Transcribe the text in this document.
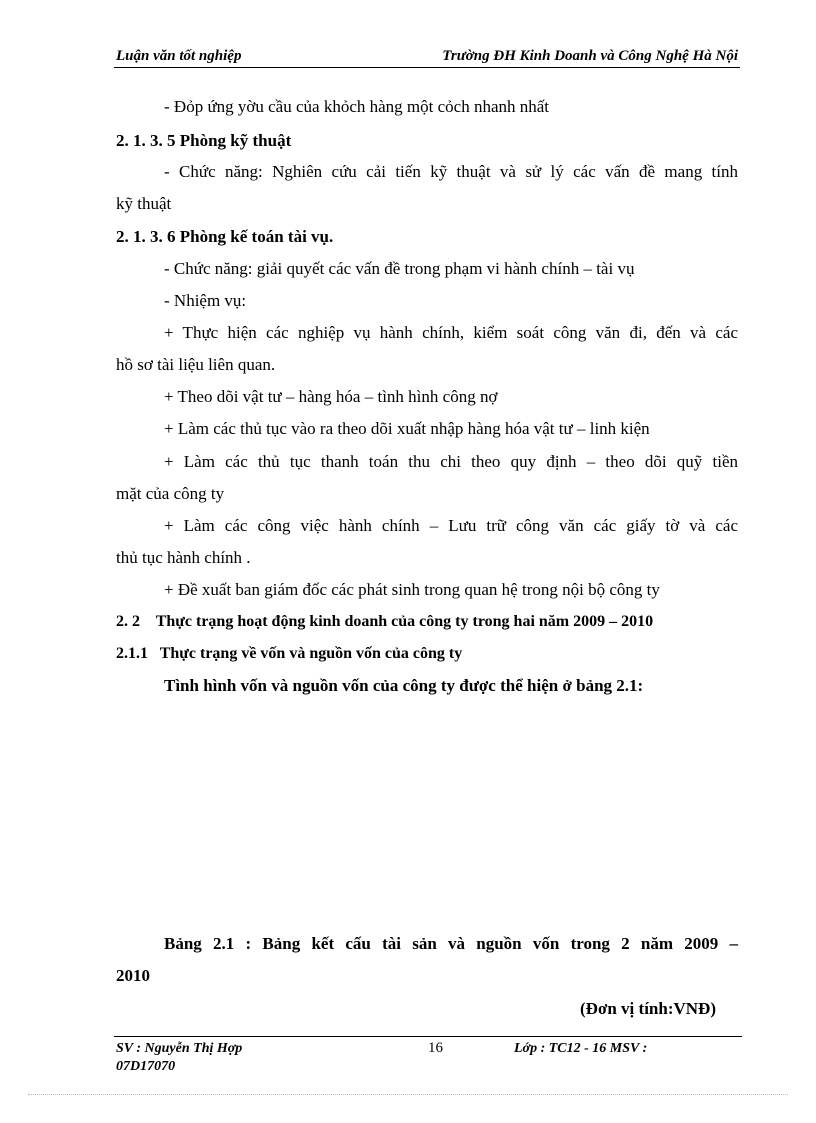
Luận văn tốt nghiệp	Trường ĐH Kinh Doanh và Công Nghệ Hà Nội
- Đỏp ứng yờu cầu của khỏch hàng một cỏch nhanh nhất
2. 1. 3. 5 Phòng kỹ thuật
- Chức năng: Nghiên cứu cải tiến kỹ thuật và sử lý các vấn đề mang tính
kỹ thuật
2. 1. 3. 6 Phòng kế toán tài vụ.
- Chức năng: giải quyết các vấn đề trong phạm vi hành chính – tài vụ
- Nhiệm vụ:
+ Thực hiện các nghiệp vụ hành chính, kiểm soát công văn đi, đến và các
hồ sơ tài liệu liên quan.
+ Theo dõi vật tư – hàng hóa – tình hình công nợ
+ Làm các thủ tục vào ra theo dõi xuất nhập hàng hóa vật tư – linh kiện
+ Làm các thủ tục thanh toán thu chi theo quy định – theo dõi quỹ tiền
mặt của công ty
+ Làm các công việc hành chính – Lưu trữ công văn các giấy tờ và các
thủ tục hành chính .
+ Đề xuất ban giám đốc các phát sinh trong quan hệ trong nội bộ công ty
2. 2    Thực trạng hoạt động kinh doanh của công ty trong hai năm 2009 – 2010
2.1.1   Thực trạng về vốn và nguồn vốn của công ty
Tình hình vốn và nguồn vốn của công ty được thể hiện ở bảng 2.1:
Bảng 2.1 : Bảng kết cấu tài sản và nguồn vốn trong 2 năm 2009 –
2010
(Đơn vị tính:VNĐ)
SV : Nguyễn Thị Hợp
07D17070
16	Lớp : TC12 - 16 MSV :
